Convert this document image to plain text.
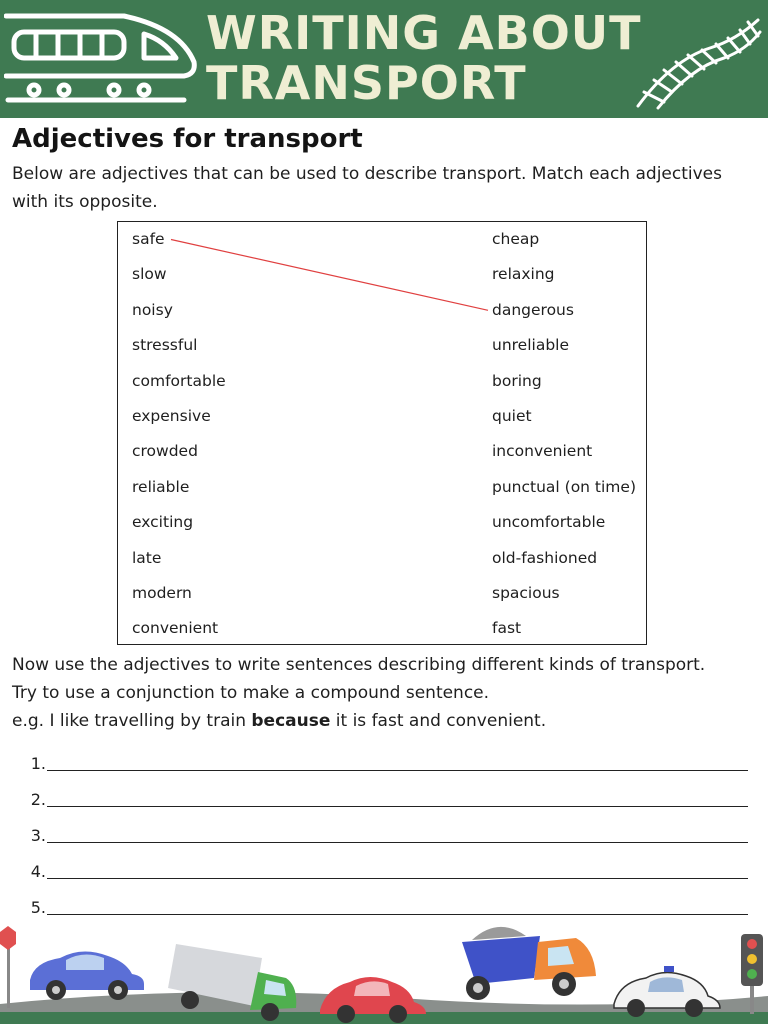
WRITING ABOUT
TRANSPORT
Adjectives for transport

Below are adjectives that can be used to describe transport. Match each adjectives with its opposite.

safe
slow
noisy
stressful
comfortable
expensive
crowded
reliable
exciting
late
modern
convenient
cheap
relaxing
dangerous
unreliable
boring
quiet
inconvenient
punctual (on time)
uncomfortable
old-fashioned
spacious
fast

Now use the adjectives to write sentences describing different kinds of transport.

Try to use a conjunction to make a compound sentence.

e.g. I like travelling by train because it is fast and convenient.

1.
2.
3.
4.
5.
